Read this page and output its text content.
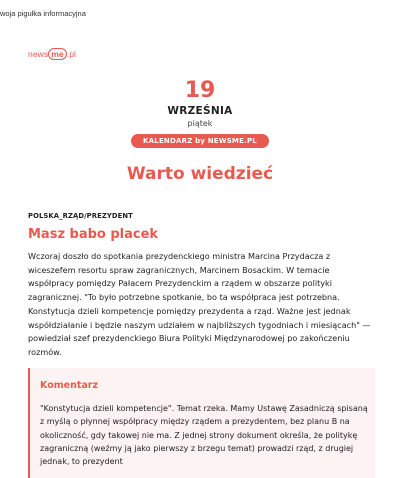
woja pigułka informacyjna
news me .pl
19
WRZEŚNIA
piątek
KALENDARZ by NEWSME.PL
Warto wiedzieć
POLSKA_RZĄD/PREZYDENT
Masz babo placek
Wczoraj doszło do spotkania prezydenckiego ministra Marcina Przydacza z wiceszefem resortu spraw zagranicznych, Marcinem Bosackim. W temacie współpracy pomiędzy Pałacem Prezydenckim a rządem w obszarze polityki zagranicznej. "To było potrzebne spotkanie, bo ta współpraca jest potrzebna. Konstytucja dzieli kompetencje pomiędzy prezydenta a rząd. Ważne jest jednak współdziałanie i będzie naszym udziałem w najbliższych tygodniach i miesiącach" — powiedział szef prezydenckiego Biura Polityki Międzynarodowej po zakończeniu rozmów.
Komentarz
"Konstytucja dzieli kompetencje". Temat rzeka. Mamy Ustawę Zasadniczą spisaną z myślą o płynnej współpracy między rządem a prezydentem, bez planu B na okoliczność, gdy takowej nie ma. Z jednej strony dokument określa, że politykę zagraniczną (weźmy ją jako pierwszy z brzegu temat) prowadzi rząd, z drugiej jednak, to prezydent
